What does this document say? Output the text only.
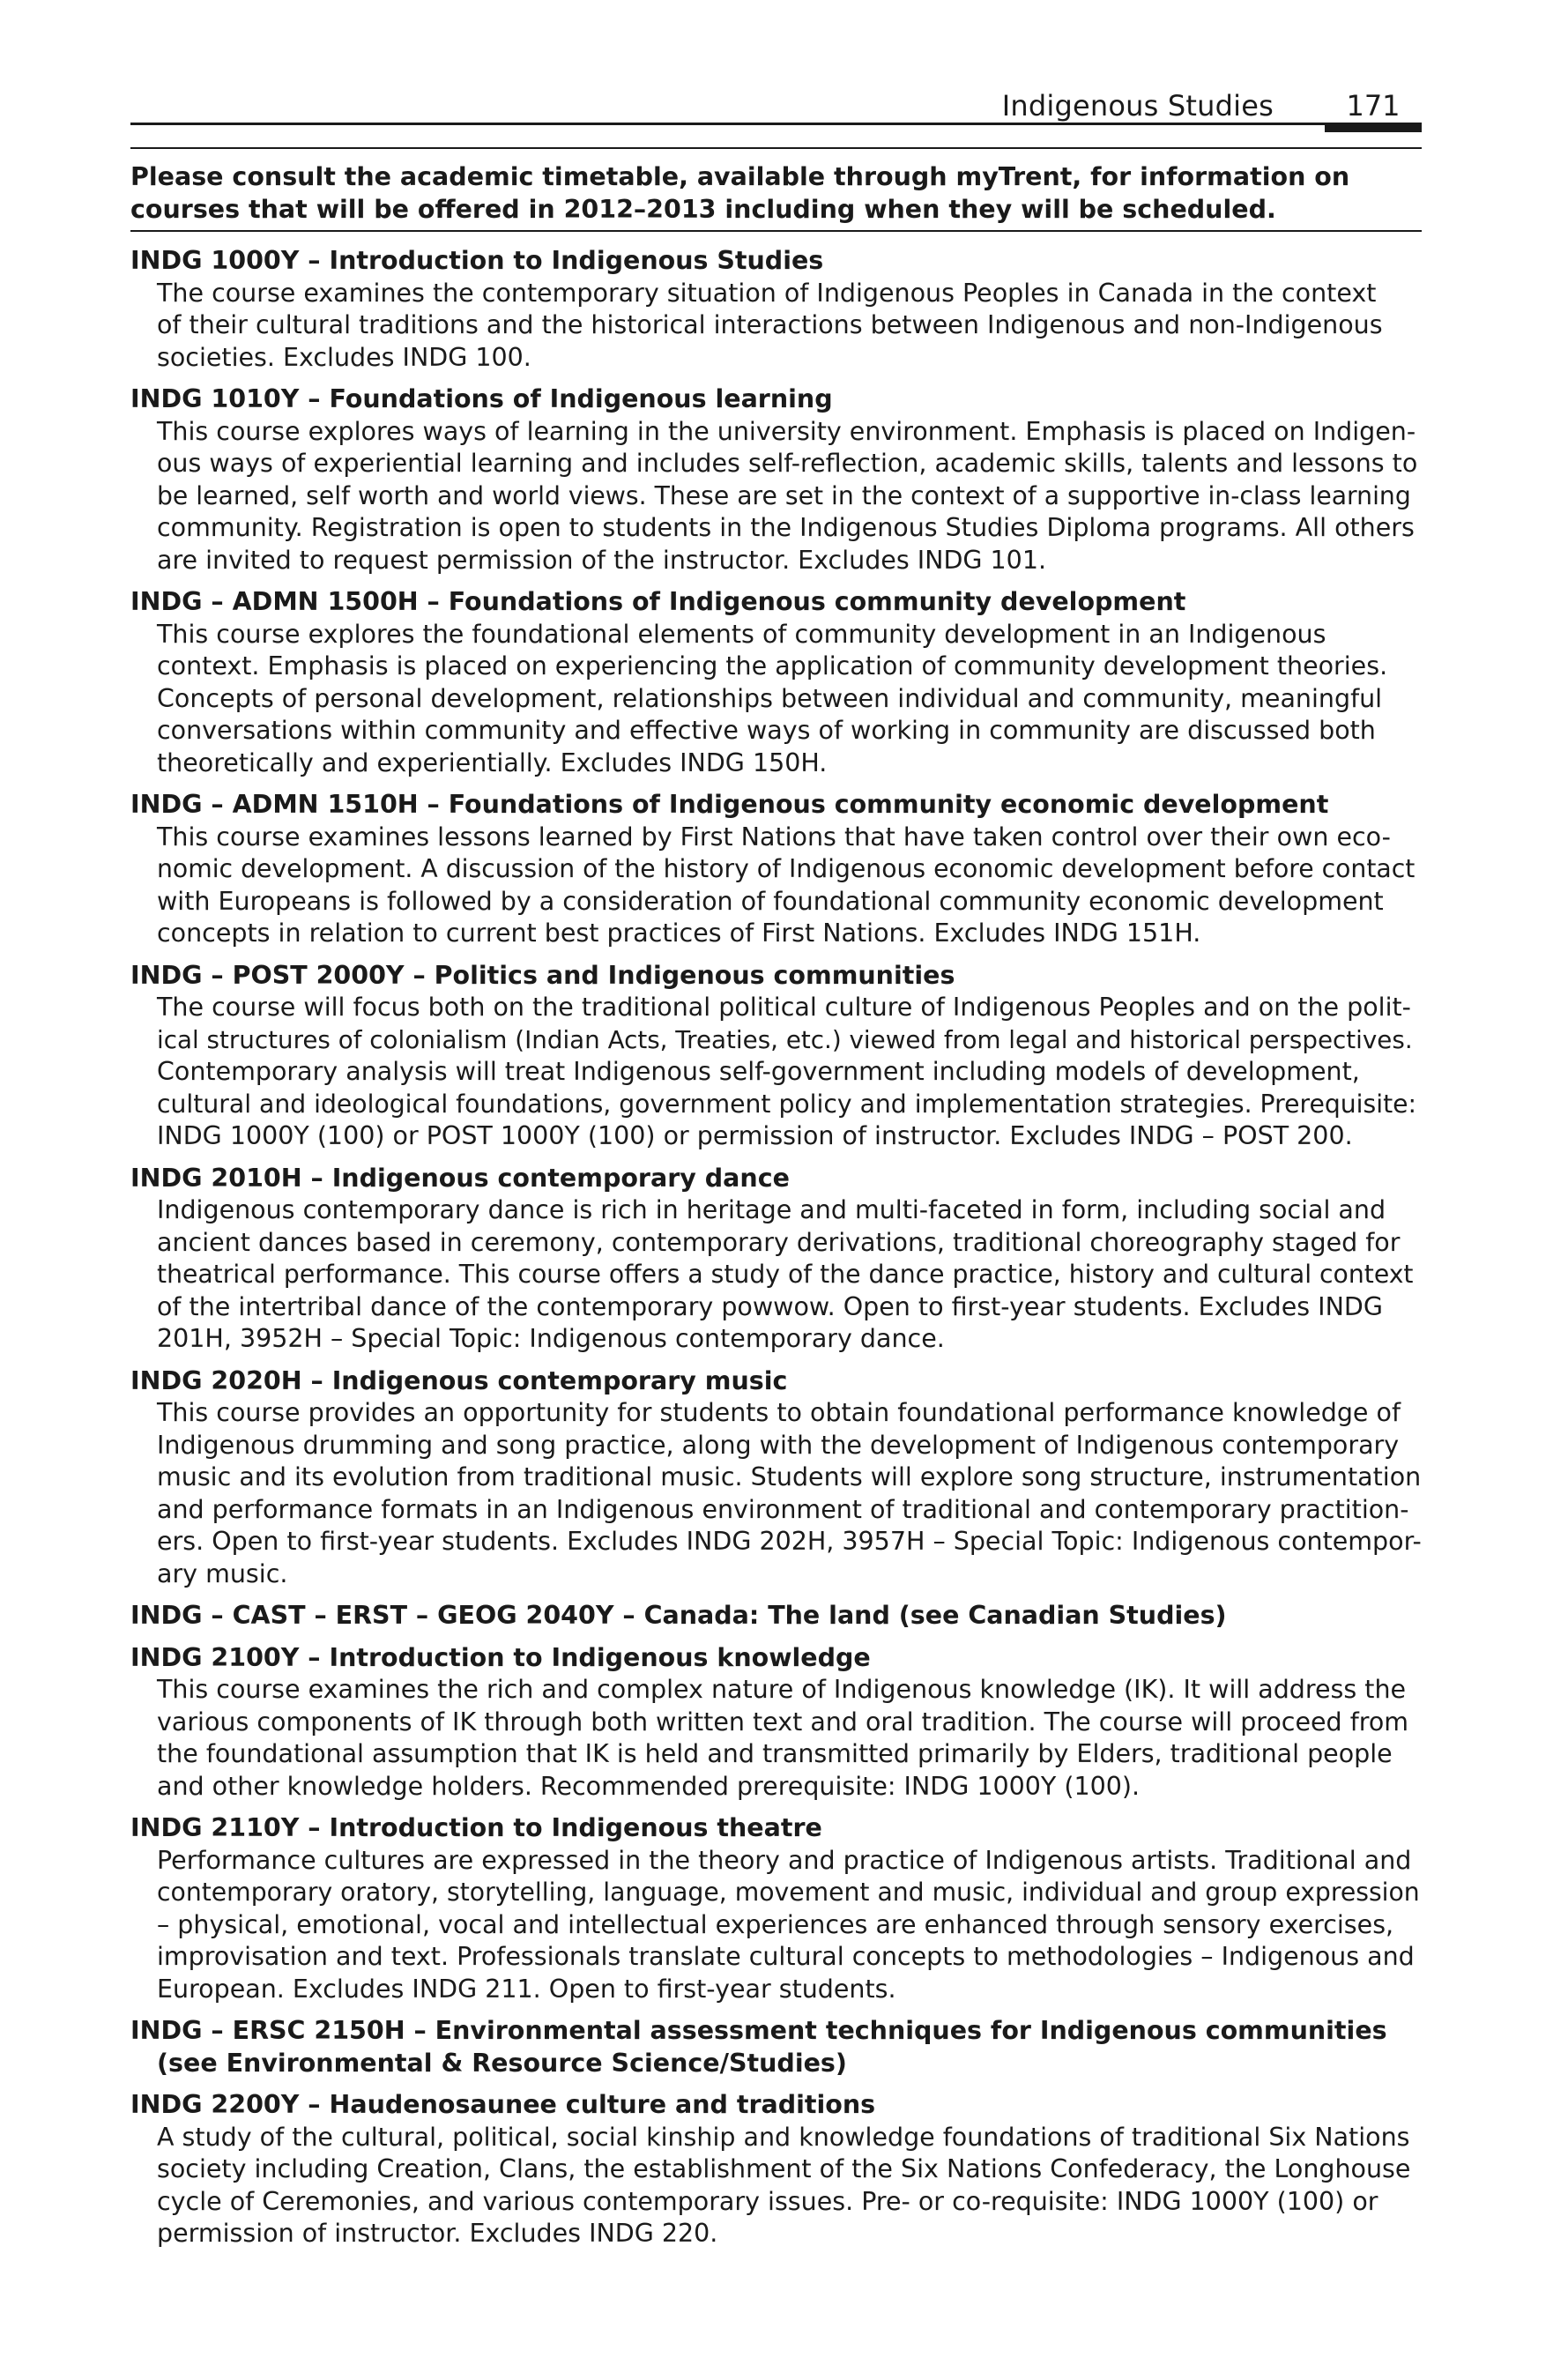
Indigenous Studies	171
Please consult the academic timetable, available through myTrent, for information on courses that will be offered in 2012–2013 including when they will be scheduled.
INDG 1000Y – Introduction to Indigenous Studies
The course examines the contemporary situation of Indigenous Peoples in Canada in the context
of their cultural traditions and the historical interactions between Indigenous and non-Indigenous
societies. Excludes INDG 100.
INDG 1010Y – Foundations of Indigenous learning
This course explores ways of learning in the university environment. Emphasis is placed on Indigen-
ous ways of experiential learning and includes self-reflection, academic skills, talents and lessons to
be learned, self worth and world views. These are set in the context of a supportive in-class learning
community. Registration is open to students in the Indigenous Studies Diploma programs. All others
are invited to request permission of the instructor. Excludes INDG 101.
INDG – ADMN 1500H – Foundations of Indigenous community development
This course explores the foundational elements of community development in an Indigenous
context. Emphasis is placed on experiencing the application of community development theories.
Concepts of personal development, relationships between individual and community, meaningful
conversations within community and effective ways of working in community are discussed both
theoretically and experientially. Excludes INDG 150H.
INDG – ADMN 1510H – Foundations of Indigenous community economic development
This course examines lessons learned by First Nations that have taken control over their own eco-
nomic development. A discussion of the history of Indigenous economic development before contact
with Europeans is followed by a consideration of foundational community economic development
concepts in relation to current best practices of First Nations. Excludes INDG 151H.
INDG – POST 2000Y – Politics and Indigenous communities
The course will focus both on the traditional political culture of Indigenous Peoples and on the polit-
ical structures of colonialism (Indian Acts, Treaties, etc.) viewed from legal and historical perspectives.
Contemporary analysis will treat Indigenous self-government including models of development,
cultural and ideological foundations, government policy and implementation strategies. Prerequisite:
INDG 1000Y (100) or POST 1000Y (100) or permission of instructor. Excludes INDG – POST 200.
INDG 2010H – Indigenous contemporary dance
Indigenous contemporary dance is rich in heritage and multi-faceted in form, including social and
ancient dances based in ceremony, contemporary derivations, traditional choreography staged for
theatrical performance. This course offers a study of the dance practice, history and cultural context
of the intertribal dance of the contemporary powwow. Open to first-year students. Excludes INDG
201H, 3952H – Special Topic: Indigenous contemporary dance.
INDG 2020H – Indigenous contemporary music
This course provides an opportunity for students to obtain foundational performance knowledge of
Indigenous drumming and song practice, along with the development of Indigenous contemporary
music and its evolution from traditional music. Students will explore song structure, instrumentation
and performance formats in an Indigenous environment of traditional and contemporary practition-
ers. Open to first-year students. Excludes INDG 202H, 3957H – Special Topic: Indigenous contempor-
ary music.
INDG – CAST – ERST – GEOG 2040Y – Canada: The land (see Canadian Studies)
INDG 2100Y – Introduction to Indigenous knowledge
This course examines the rich and complex nature of Indigenous knowledge (IK). It will address the
various components of IK through both written text and oral tradition. The course will proceed from
the foundational assumption that IK is held and transmitted primarily by Elders, traditional people
and other knowledge holders. Recommended prerequisite: INDG 1000Y (100).
INDG 2110Y – Introduction to Indigenous theatre
Performance cultures are expressed in the theory and practice of Indigenous artists. Traditional and
contemporary oratory, storytelling, language, movement and music, individual and group expression
– physical, emotional, vocal and intellectual experiences are enhanced through sensory exercises,
improvisation and text. Professionals translate cultural concepts to methodologies – Indigenous and
European. Excludes INDG 211. Open to first-year students.
INDG – ERSC 2150H – Environmental assessment techniques for Indigenous communities (see Environmental & Resource Science/Studies)
INDG 2200Y – Haudenosaunee culture and traditions
A study of the cultural, political, social kinship and knowledge foundations of traditional Six Nations
society including Creation, Clans, the establishment of the Six Nations Confederacy, the Longhouse
cycle of Ceremonies, and various contemporary issues. Pre- or co-requisite: INDG 1000Y (100) or
permission of instructor. Excludes INDG 220.
